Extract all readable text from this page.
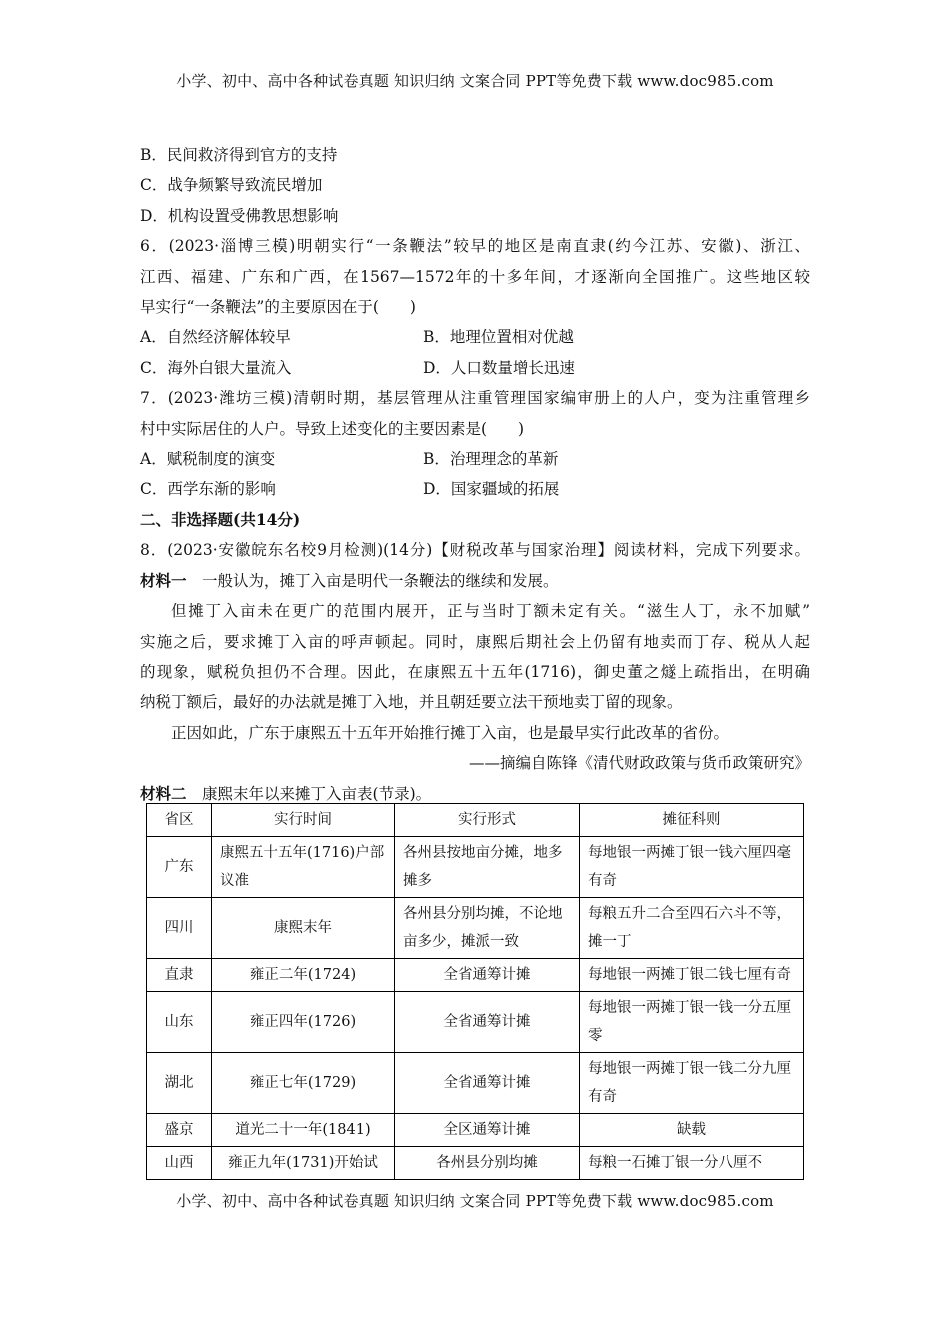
小学、初中、高中各种试卷真题 知识归纳 文案合同 PPT等免费下载 www.doc985.com
B．民间救济得到官方的支持
C．战争频繁导致流民增加
D．机构设置受佛教思想影响
6．(2023·淄博三模)明朝实行“一条鞭法”较早的地区是南直隶(约今江苏、安徽)、浙江、
江西、福建、广东和广西，在1567—1572年的十多年间，才逐渐向全国推广。这些地区较
早实行“一条鞭法”的主要原因在于(　　)
A．自然经济解体较早	B．地理位置相对优越
C．海外白银大量流入	D．人口数量增长迅速
7．(2023·潍坊三模)清朝时期，基层管理从注重管理国家编审册上的人户，变为注重管理乡
村中实际居住的人户。导致上述变化的主要因素是(　　)
A．赋税制度的演变	B．治理理念的革新
C．西学东渐的影响	D．国家疆域的拓展
二、非选择题(共14分)
8．(2023·安徽皖东名校9月检测)(14分)【财税改革与国家治理】阅读材料，完成下列要求。
材料一　一般认为，摊丁入亩是明代一条鞭法的继续和发展。
但摊丁入亩未在更广的范围内展开，正与当时丁额未定有关。“滋生人丁，永不加赋”
实施之后，要求摊丁入亩的呼声顿起。同时，康熙后期社会上仍留有地卖而丁存、税从人起
的现象，赋税负担仍不合理。因此，在康熙五十五年(1716)，御史董之燧上疏指出，在明确
纳税丁额后，最好的办法就是摊丁入地，并且朝廷要立法干预地卖丁留的现象。
正因如此，广东于康熙五十五年开始推行摊丁入亩，也是最早实行此改革的省份。
——摘编自陈锋《清代财政政策与货币政策研究》
材料二　康熙末年以来摊丁入亩表(节录)。
省区	实行时间	实行形式	摊征科则
广东	康熙五十五年(1716)户部议准	各州县按地亩分摊，地多摊多	每地银一两摊丁银一钱六厘四毫有奇
四川	康熙末年	各州县分别均摊，不论地亩多少，摊派一致	每粮五升二合至四石六斗不等，摊一丁
直隶	雍正二年(1724)	全省通筹计摊	每地银一两摊丁银二钱七厘有奇
山东	雍正四年(1726)	全省通筹计摊	每地银一两摊丁银一钱一分五厘零
湖北	雍正七年(1729)	全省通筹计摊	每地银一两摊丁银一钱二分九厘有奇
盛京	道光二十一年(1841)	全区通筹计摊	缺载
山西	雍正九年(1731)开始试	各州县分别均摊	每粮一石摊丁银一分八厘不
小学、初中、高中各种试卷真题 知识归纳 文案合同 PPT等免费下载 www.doc985.com
